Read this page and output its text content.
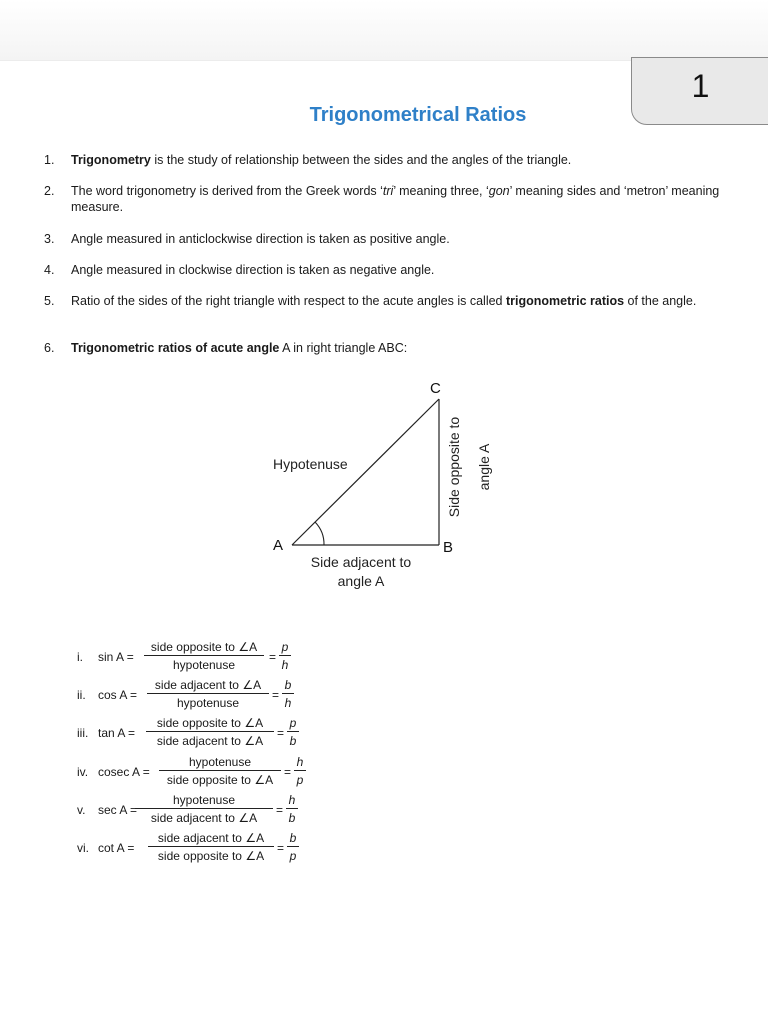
1
Trigonometrical Ratios
1. Trigonometry is the study of relationship between the sides and the angles of the triangle.
2. The word trigonometry is derived from the Greek words ‘tri’ meaning three, ‘gon’ meaning sides and ‘metron’ meaning measure.
3. Angle measured in anticlockwise direction is taken as positive angle.
4. Angle measured in clockwise direction is taken as negative angle.
5. Ratio of the sides of the right triangle with respect to the acute angles is called trigonometric ratios of the angle.
6. Trigonometric ratios of acute angle A in right triangle ABC:
A	B
C
Hypotenuse
Side adjacent to
angle A
Side opposite to angle A
i. sin A =
side opposite to ∠A
hypotenuse
= $\frac{p}{h}$
ii. cos A =
side adjacent to ∠A
hypotenuse
= $\frac{b}{h}$
iii. tan A =
side opposite to ∠A
side adjacent to ∠A
= $\frac{p}{b}$
iv. cosec A =
hypotenuse
side opposite to ∠A
= $\frac{h}{p}$
v. sec A =
hypotenuse
side adjacent to ∠A
= $\frac{h}{b}$
vi. cot A =
side adjacent to ∠A
side opposite to ∠A
= $\frac{b}{p}$
